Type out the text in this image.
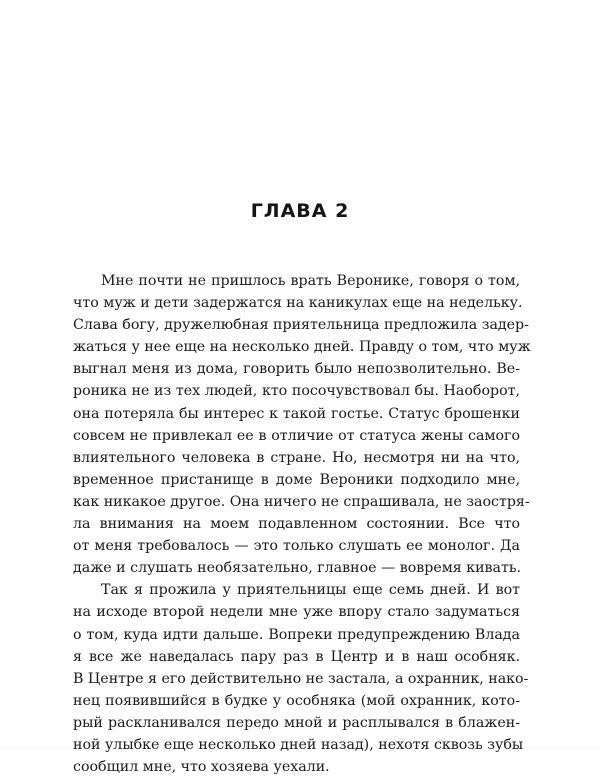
ГЛАВА 2
Мне почти не пришлось врать Веронике, говоря о том,
что муж и дети задержатся на каникулах еще на недельку.
Слава богу, дружелюбная приятельница предложила задер-
жаться у нее еще на несколько дней. Правду о том, что муж
выгнал меня из дома, говорить было непозволительно. Ве-
роника не из тех людей, кто посочувствовал бы. Наоборот,
она потеряла бы интерес к такой гостье. Статус брошенки
совсем не привлекал ее в отличие от статуса жены самого
влиятельного человека в стране. Но, несмотря ни на что,
временное пристанище в доме Вероники подходило мне,
как никакое другое. Она ничего не спрашивала, не заостря-
ла внимания на моем подавленном состоянии. Все что
от меня требовалось — это только слушать ее монолог. Да
даже и слушать необязательно, главное — вовремя кивать.
Так я прожила у приятельницы еще семь дней. И вот
на исходе второй недели мне уже впору стало задуматься
о том, куда идти дальше. Вопреки предупреждению Влада
я все же наведалась пару раз в Центр и в наш особняк.
В Центре я его действительно не застала, а охранник, нако-
нец появившийся в будке у особняка (мой охранник, кото-
рый раскланивался передо мной и расплывался в блажен-
ной улыбке еще несколько дней назад), нехотя сквозь зубы
сообщил мне, что хозяева уехали.
